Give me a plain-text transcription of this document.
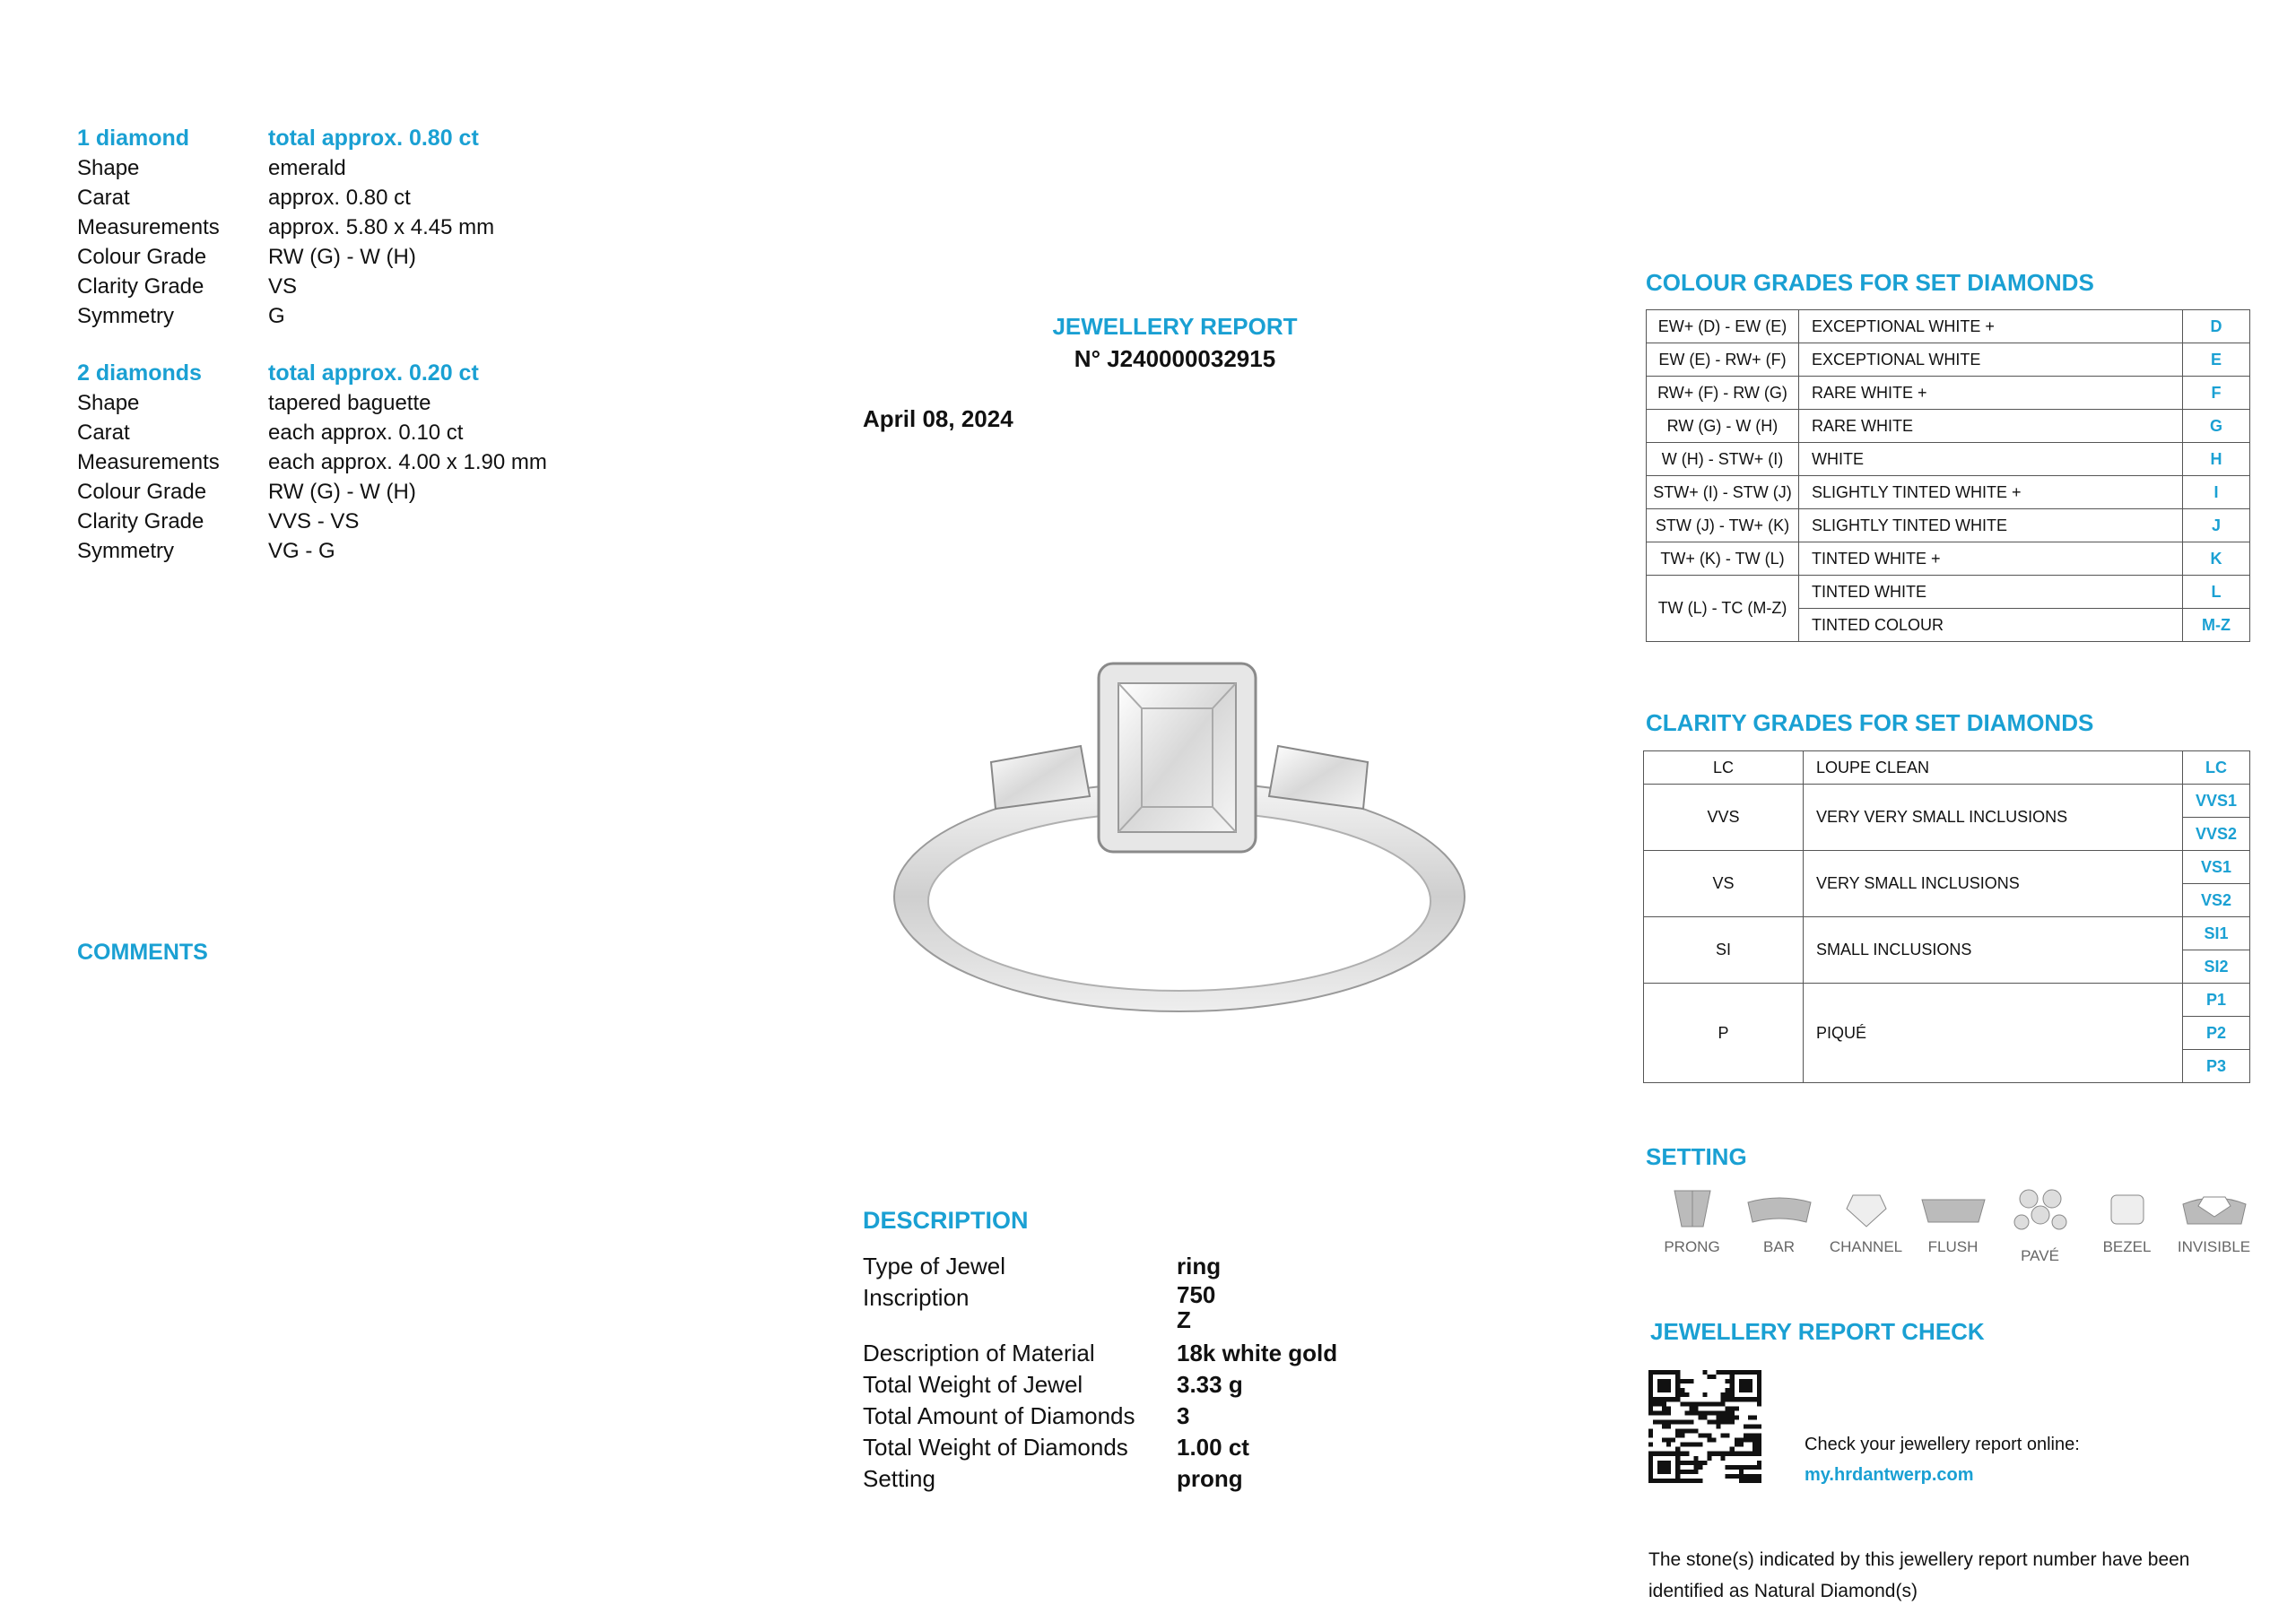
1 diamond	total approx. 0.80 ct
Shape	emerald
Carat	approx. 0.80 ct
Measurements	approx. 5.80 x 4.45 mm
Colour Grade	RW (G) - W (H)
Clarity Grade	VS
Symmetry	G
2 diamonds	total approx. 0.20 ct
Shape	tapered baguette
Carat	each approx. 0.10 ct
Measurements	each approx. 4.00 x 1.90 mm
Colour Grade	RW (G) - W (H)
Clarity Grade	VVS - VS
Symmetry	VG - G
COMMENTS
JEWELLERY REPORT
N° J240000032915
April 08, 2024
DESCRIPTION
Type of Jewel	ring
Inscription	750
Z
Description of Material	18k white gold
Total Weight of Jewel	3.33 g
Total Amount of Diamonds	3
Total Weight of Diamonds	1.00 ct
Setting	prong
COLOUR GRADES FOR SET DIAMONDS
EW+ (D) - EW (E)	EXCEPTIONAL WHITE +	D
EW (E) - RW+ (F)	EXCEPTIONAL WHITE	E
RW+ (F) - RW (G)	RARE WHITE +	F
RW (G) - W (H)	RARE WHITE	G
W (H) - STW+ (I)	WHITE	H
STW+ (I) - STW (J)	SLIGHTLY TINTED WHITE +	I
STW (J) - TW+ (K)	SLIGHTLY TINTED WHITE	J
TW+ (K) - TW (L)	TINTED WHITE +	K
TW (L) - TC (M-Z)	TINTED WHITE	L
	TINTED COLOUR	M-Z
CLARITY GRADES FOR SET DIAMONDS
LC	LOUPE CLEAN	LC
VVS	VERY VERY SMALL INCLUSIONS	VVS1
		VVS2
VS	VERY SMALL INCLUSIONS	VS1
		VS2
SI	SMALL INCLUSIONS	SI1
		SI2
P	PIQUÉ	P1
		P2
		P3
SETTING
PRONG	BAR	CHANNEL	FLUSH
PAVÉ
BEZEL	INVISIBLE
JEWELLERY REPORT CHECK
Check your jewellery report online:
my.hrdantwerp.com
The stone(s) indicated by this jewellery report number have been identified as Natural Diamond(s)
